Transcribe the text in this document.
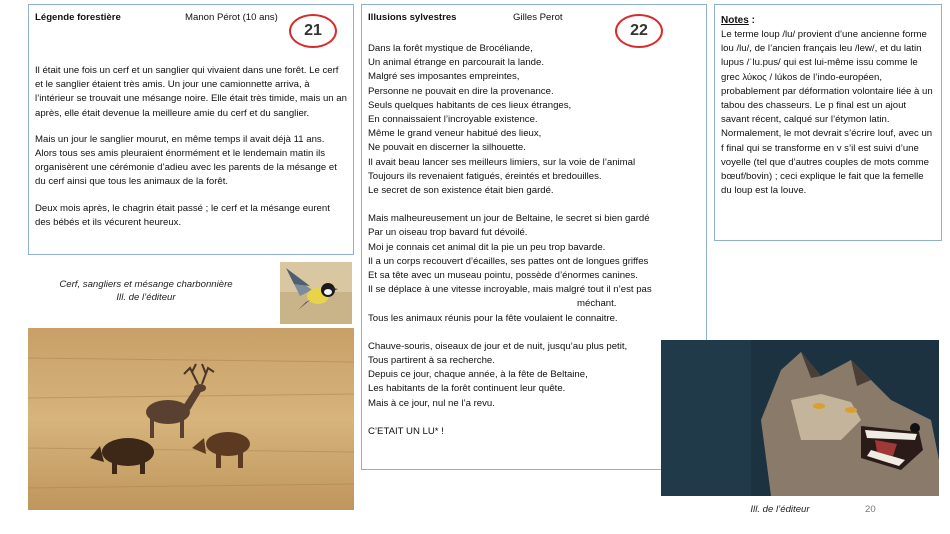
Légende forestière	Manon Pérot (10 ans)

Il était une fois un cerf et un sanglier qui vivaient dans une forêt. Le cerf et le sanglier étaient très amis. Un jour une camionnette arriva, à l’intérieur se trouvait une mésange noire. Elle était très timide, mais un an après, elle était devenue la meilleure amie du cerf et du sanglier.

Mais un jour le sanglier mourut, en même temps il avait déjà 11 ans. Alors tous ses amis pleuraient énormément et le lendemain matin ils organisèrent une cérémonie d’adieu avec les parents de la mésange et du cerf ainsi que tous les animaux de la forêt.

Deux mois après, le chagrin était passé ; le cerf et la mésange eurent des bébés et ils vécurent heureux.

21
Illusions sylvestres	Gilles Perot
Dans la forêt mystique de Brocéliande,
Un animal étrange en parcourait la lande.
Malgré ses imposantes empreintes,
Personne ne pouvait en dire la provenance.
Seuls quelques habitants de ces lieux étranges,
En connaissaient l’incroyable existence.
Même le grand veneur habitué des lieux,
Ne pouvait en discerner la silhouette.
Il avait beau lancer ses meilleurs limiers, sur la voie de l’animal
Toujours ils revenaient fatigués, éreintés et bredouilles.
Le secret de son existence était bien gardé.
Mais malheureusement un jour de Beltaine, le secret si bien gardé
Par un oiseau trop bavard fut dévoilé.
Moi je connais cet animal dit la pie un peu trop bavarde.
Il a un corps recouvert d’écailles, ses pattes ont de longues griffes
Et sa tête avec un museau pointu, possède d’énormes canines.
Il se déplace à une vitesse incroyable, mais malgré tout il n’est pas
méchant.
Tous les animaux réunis pour la fête voulaient le connaitre.
Chauve-souris, oiseaux de jour et de nuit, jusqu’au plus petit,
Tous partirent à sa recherche.
Depuis ce jour, chaque année, à la fête de Beltaine,
Les habitants de la forêt continuent leur quête.
Mais à ce jour, nul ne l’a revu.
C’ETAIT UN LU* !
22
Notes :

Le terme loup /lu/ provient d’une ancienne forme lou /lu/, de l’ancien français leu /lew/, et du latin lupus /ˈlu.pus/ qui est lui-même issu comme le grec λύκος / lúkos de l’indo-européen, probablement par déformation volontaire liée à un tabou des chasseurs. Le p final est un ajout savant récent, calqué sur l’étymon latin. Normalement, le mot devrait s’écrire louf, avec un f final qui se transforme en v s’il est suivi d’une voyelle (tel que d’autres couples de mots comme bœuf/bovin) ; ceci explique le fait que la femelle du loup est la louve.

Cerf, sangliers et mésange charbonnière
Ill. de l’éditeur
Ill. de l’éditeur	20
